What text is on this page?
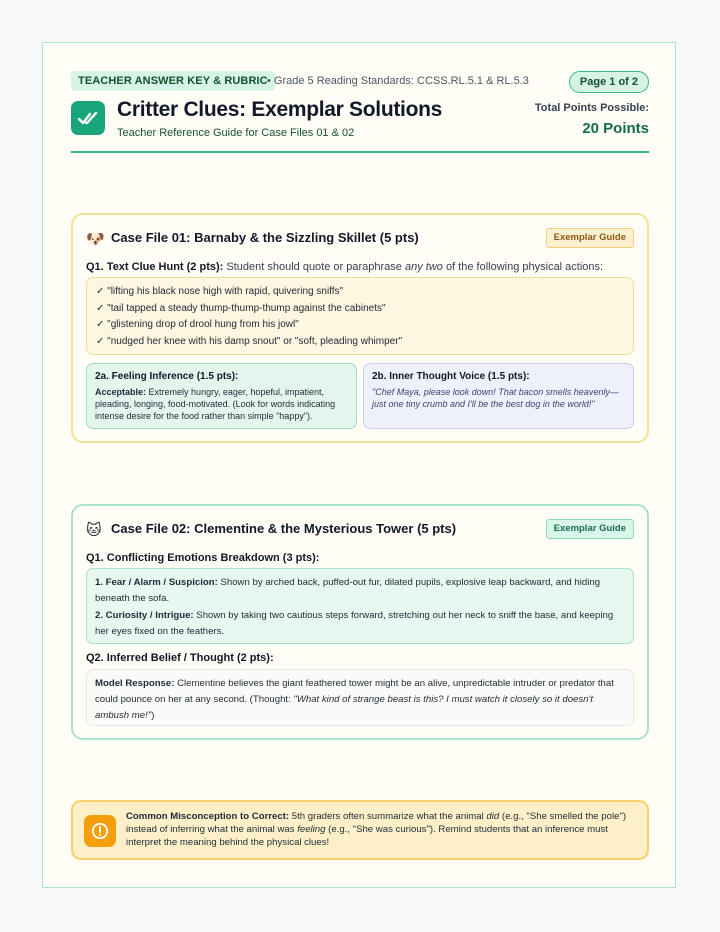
TEACHER ANSWER KEY & RUBRIC • Grade 5 Reading Standards: CCSS.RL.5.1 & RL.5.3	Page 1 of 2
Critter Clues: Exemplar Solutions
Teacher Reference Guide for Case Files 01 & 02
Total Points Possible:
20 Points
🐶 Case File 01: Barnaby & the Sizzling Skillet (5 pts)	Exemplar Guide
Q1. Text Clue Hunt (2 pts): Student should quote or paraphrase any two of the following physical actions:
✓ "lifting his black nose high with rapid, quivering sniffs"
✓ "tail tapped a steady thump-thump-thump against the cabinets"
✓ "glistening drop of drool hung from his jowl"
✓ "nudged her knee with his damp snout" or "soft, pleading whimper"
2a. Feeling Inference (1.5 pts):
Acceptable: Extremely hungry, eager, hopeful, impatient, pleading, longing, food-motivated. (Look for words indicating intense desire for the food rather than simple "happy").
2b. Inner Thought Voice (1.5 pts):
"Chef Maya, please look down! That bacon smells heavenly—just one tiny crumb and I'll be the best dog in the world!"
🐱 Case File 02: Clementine & the Mysterious Tower (5 pts)	Exemplar Guide
Q1. Conflicting Emotions Breakdown (3 pts):

1. Fear / Alarm / Suspicion: Shown by arched back, puffed-out fur, dilated pupils, explosive leap backward, and hiding beneath the sofa.

2. Curiosity / Intrigue: Shown by taking two cautious steps forward, stretching out her neck to sniff the base, and keeping her eyes fixed on the feathers.

Q2. Inferred Belief / Thought (2 pts):
Model Response: Clementine believes the giant feathered tower might be an alive, unpredictable intruder or predator that could pounce on her at any second. (Thought: "What kind of strange beast is this? I must watch it closely so it doesn't ambush me!")
Common Misconception to Correct: 5th graders often summarize what the animal did (e.g., "She smelled the pole") instead of inferring what the animal was feeling (e.g., "She was curious"). Remind students that an inference must interpret the meaning behind the physical clues!
